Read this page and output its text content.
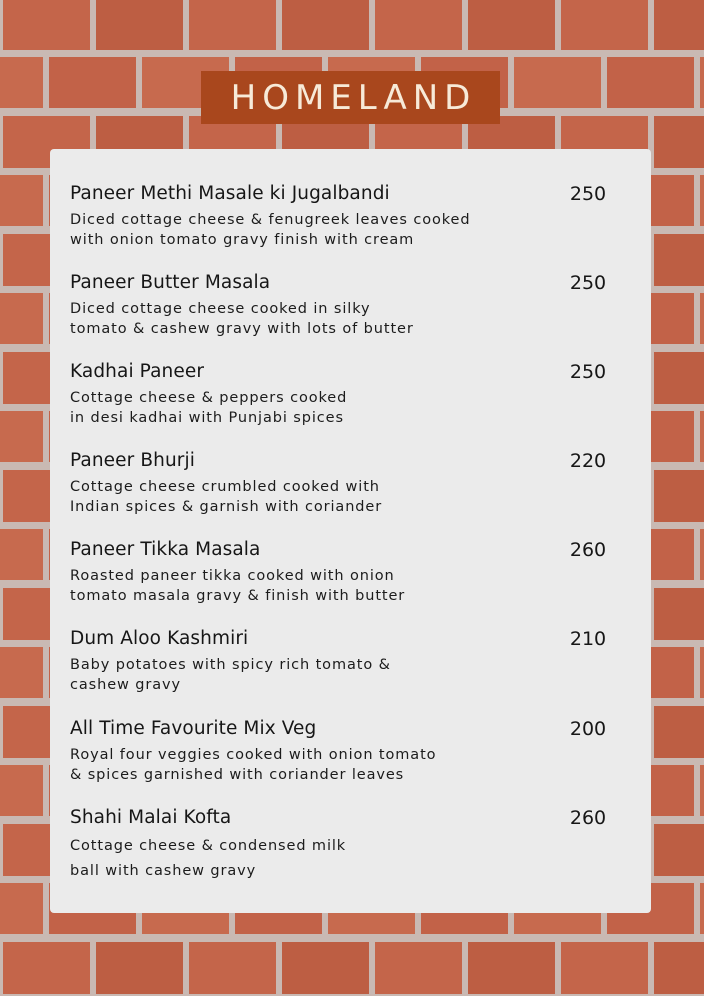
HOMELAND
Paneer Methi Masale ki Jugalbandi	250
Diced cottage cheese & fenugreek leaves cooked
with onion tomato gravy finish with cream
Paneer Butter Masala	250
Diced cottage cheese cooked in silky
tomato & cashew gravy with lots of butter
Kadhai Paneer	250
Cottage cheese & peppers cooked
in desi kadhai with Punjabi spices
Paneer Bhurji	220
Cottage cheese crumbled cooked with
Indian spices & garnish with coriander
Paneer Tikka Masala	260
Roasted paneer tikka cooked with onion
tomato masala gravy & finish with butter
Dum Aloo Kashmiri	210
Baby potatoes with spicy rich tomato &
cashew gravy
All Time Favourite Mix Veg	200
Royal four veggies cooked with onion tomato
& spices garnished with coriander leaves
Shahi Malai Kofta	260
Cottage cheese & condensed milk
ball with cashew gravy
